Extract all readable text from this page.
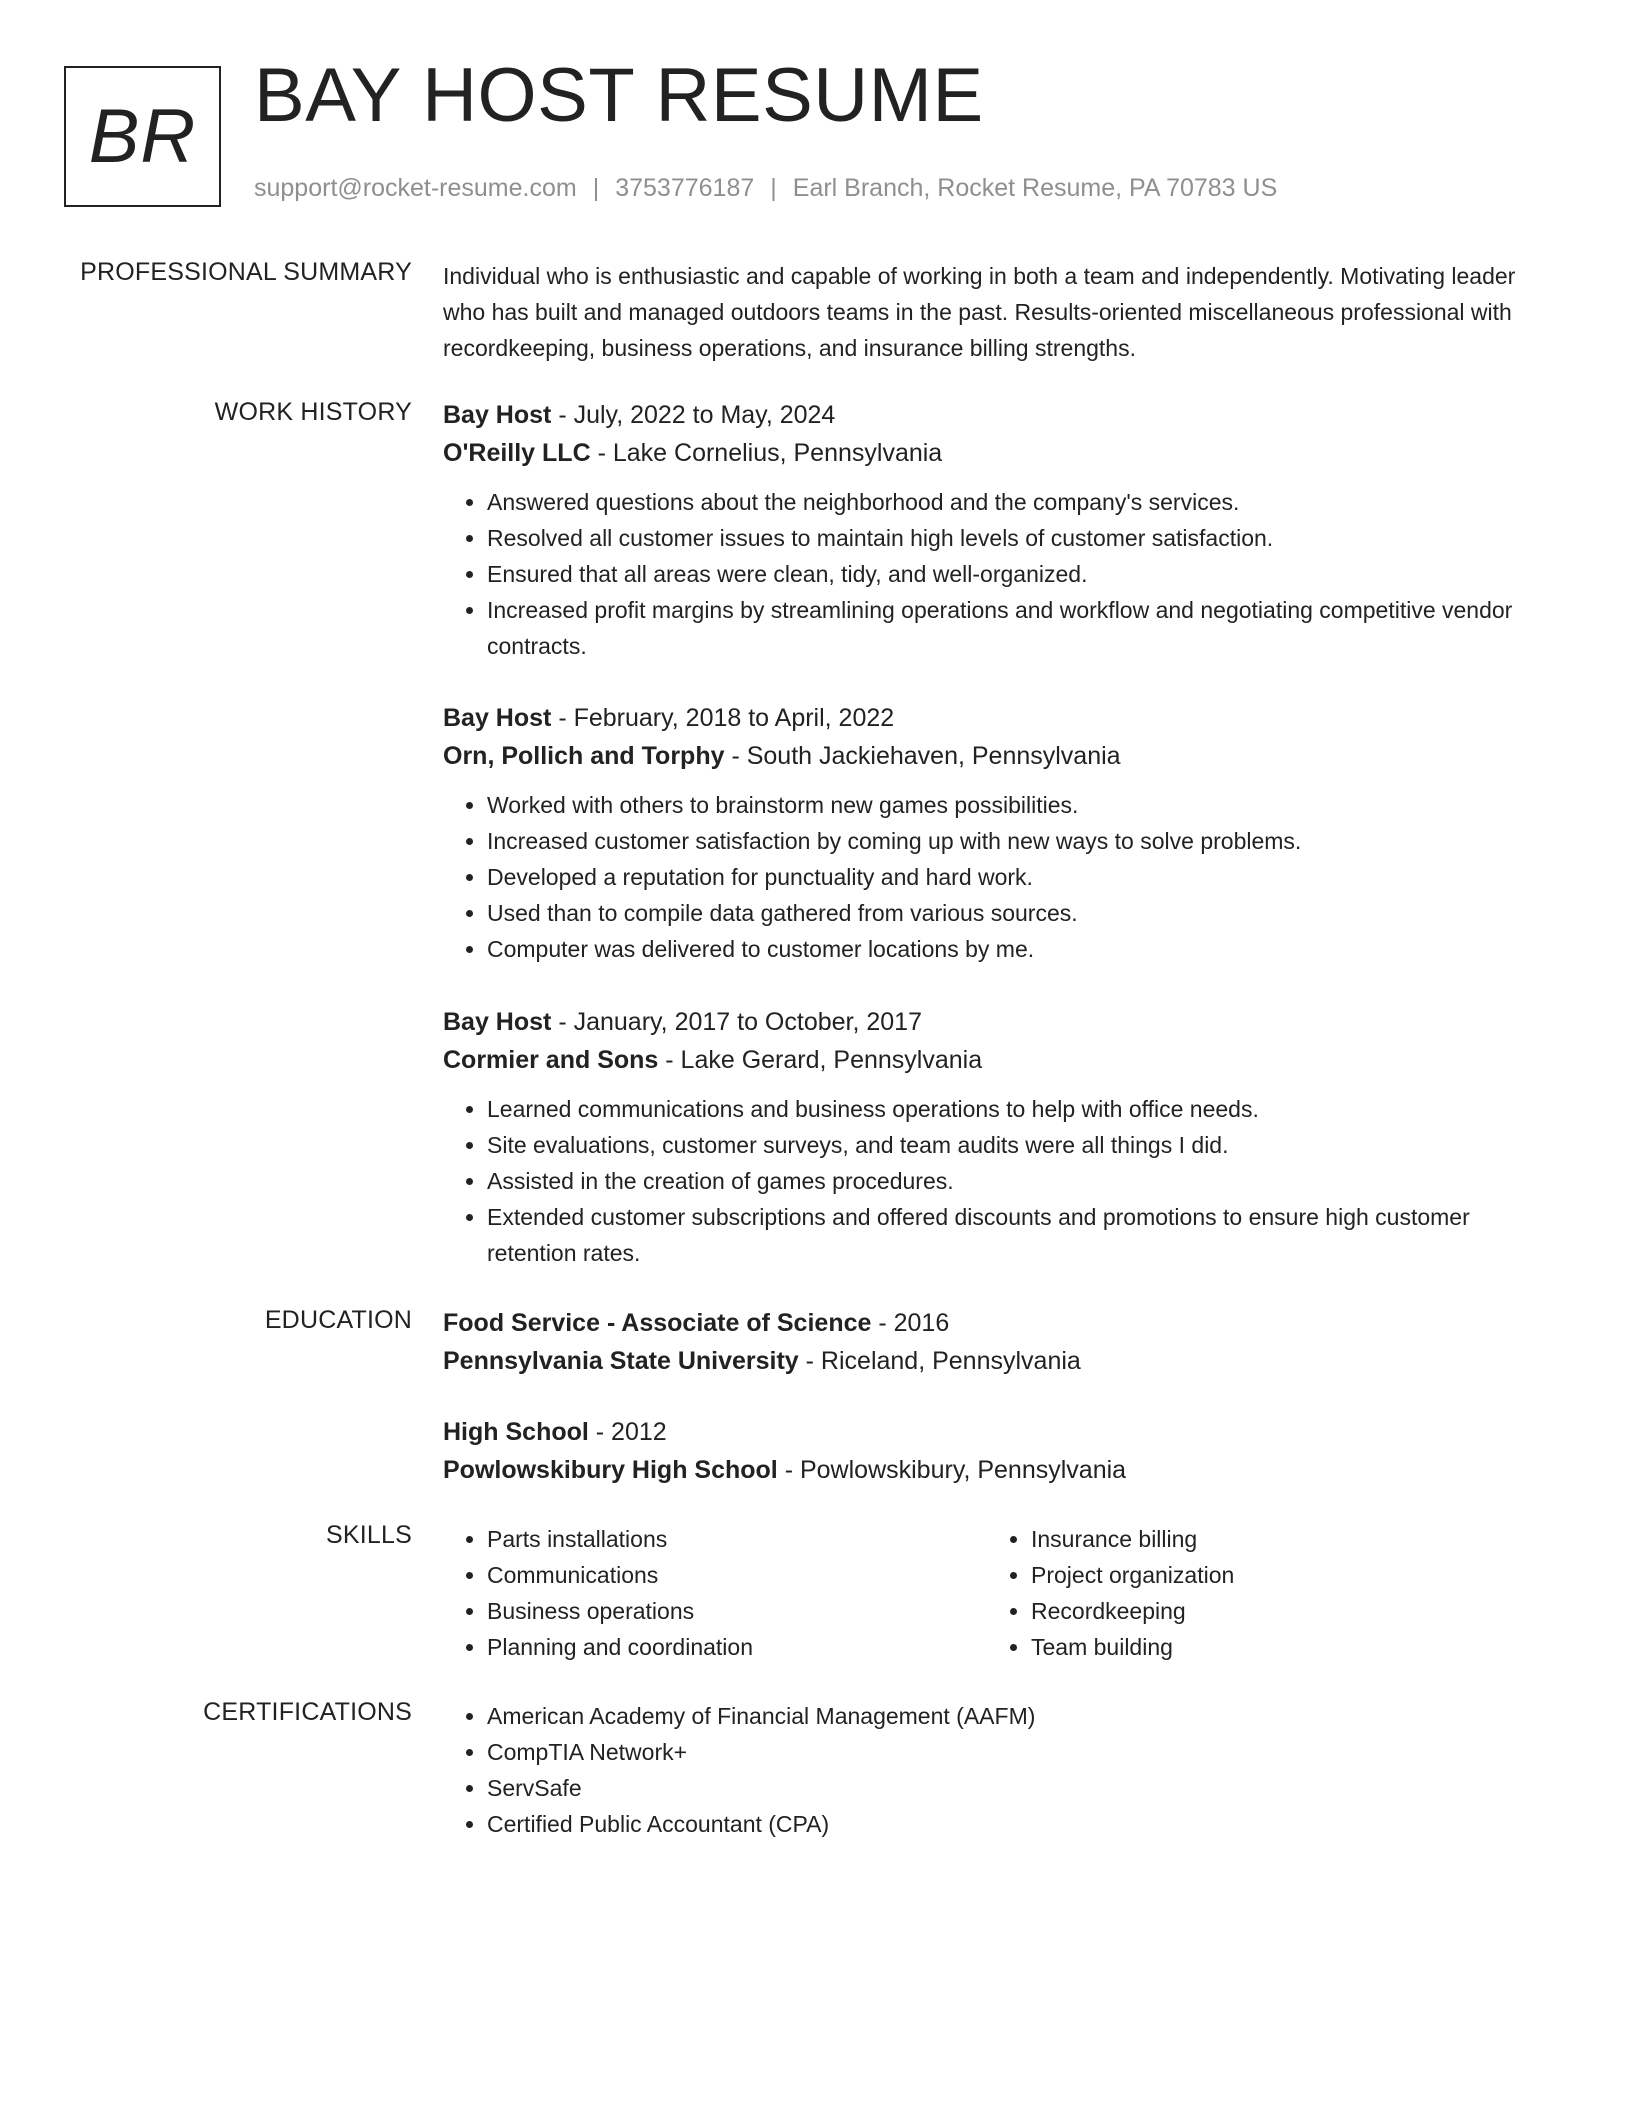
BR BAY HOST RESUME
support@rocket-resume.com | 3753776187 | Earl Branch, Rocket Resume, PA 70783 US
PROFESSIONAL SUMMARY Individual who is enthusiastic and capable of working in both a team and independently. Motivating leader who has built and managed outdoors teams in the past. Results-oriented miscellaneous professional with recordkeeping, business operations, and insurance billing strengths.

WORK HISTORY Bay Host - July, 2022 to May, 2024

O'Reilly LLC - Lake Cornelius, Pennsylvania

• Answered questions about the neighborhood and the company's services.
• Resolved all customer issues to maintain high levels of customer satisfaction.
• Ensured that all areas were clean, tidy, and well-organized.
• Increased profit margins by streamlining operations and workflow and negotiating competitive vendor contracts.

Bay Host - February, 2018 to April, 2022

Orn, Pollich and Torphy - South Jackiehaven, Pennsylvania

• Worked with others to brainstorm new games possibilities.
• Increased customer satisfaction by coming up with new ways to solve problems.
• Developed a reputation for punctuality and hard work.
• Used than to compile data gathered from various sources.
• Computer was delivered to customer locations by me.

Bay Host - January, 2017 to October, 2017

Cormier and Sons - Lake Gerard, Pennsylvania

• Learned communications and business operations to help with office needs.
• Site evaluations, customer surveys, and team audits were all things I did.
• Assisted in the creation of games procedures.
• Extended customer subscriptions and offered discounts and promotions to ensure high customer retention rates.
EDUCATION Food Service - Associate of Science - 2016

Pennsylvania State University - Riceland, Pennsylvania

High School - 2012

Powlowskibury High School - Powlowskibury, Pennsylvania

SKILLS	• Parts installations
• Communications
• Business operations
• Planning and coordination
• Insurance billing
• Project organization
• Recordkeeping
• Team building
CERTIFICATIONS	• American Academy of Financial Management (AAFM)
• CompTIA Network+
• ServSafe
• Certified Public Accountant (CPA)
